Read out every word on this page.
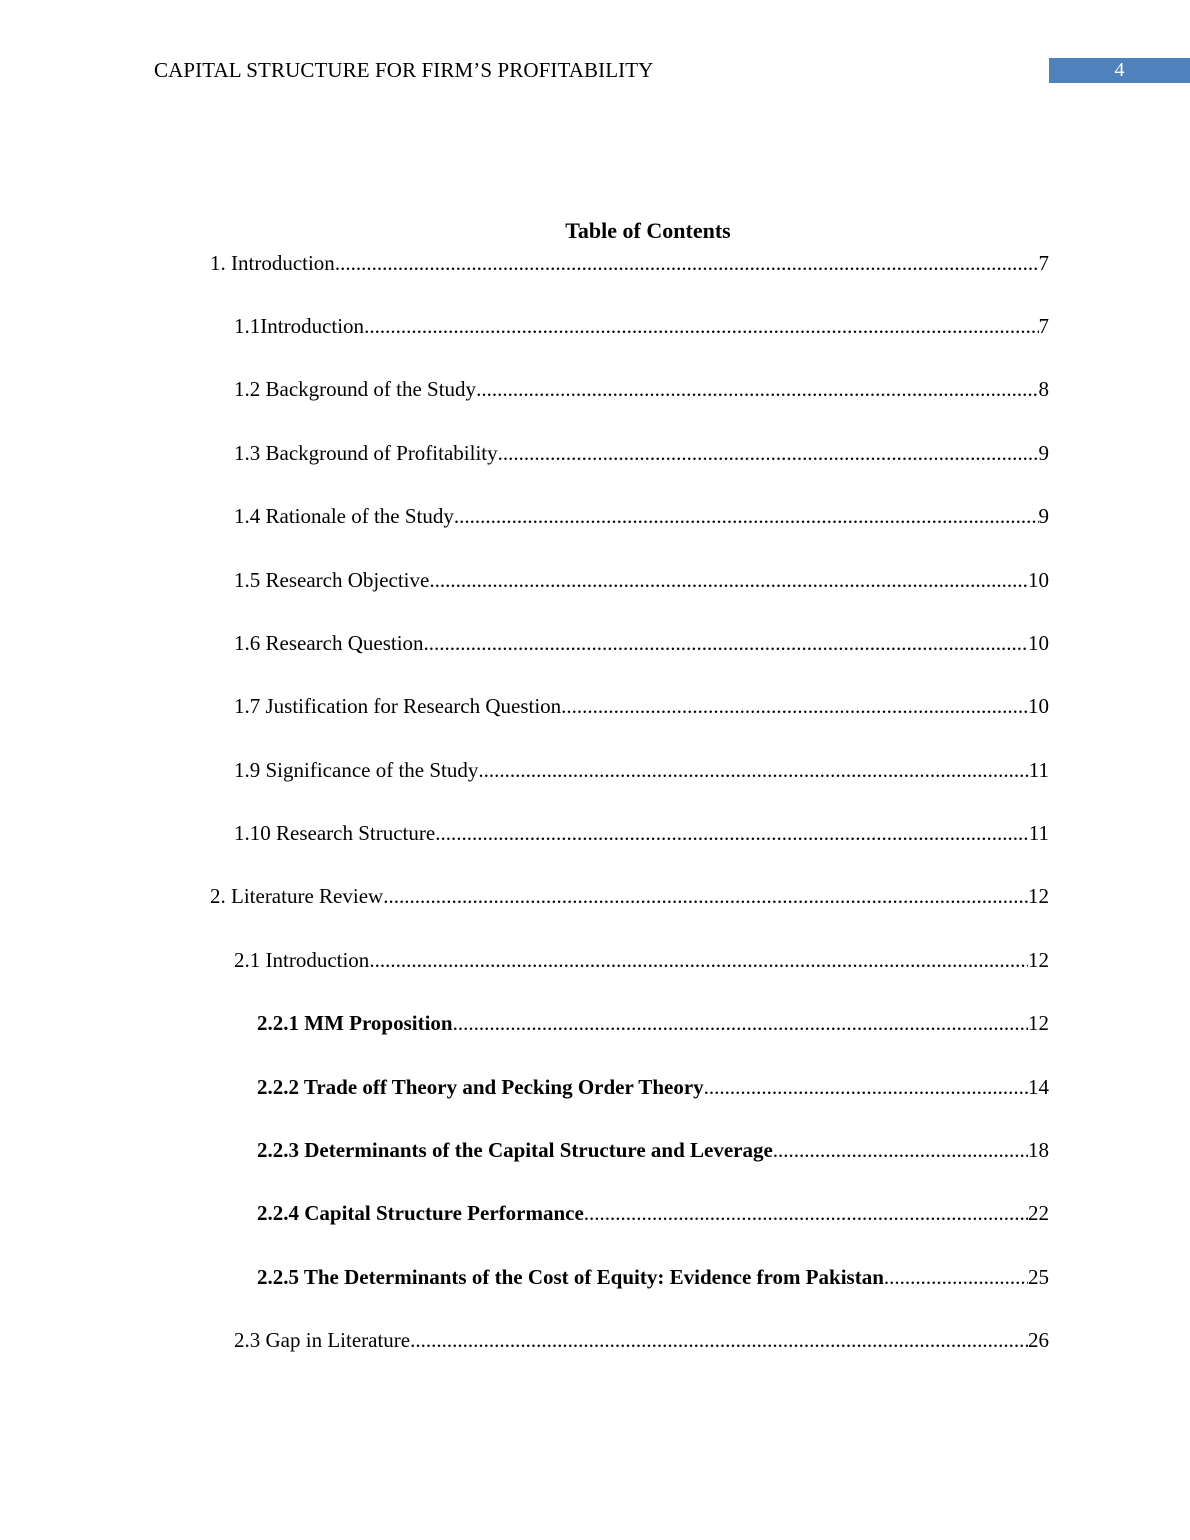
CAPITAL STRUCTURE FOR FIRM’S PROFITABILITY	4
Table of Contents
1. Introduction .....	7
1.1Introduction .....	7
1.2 Background of the Study .....	8
1.3 Background of Profitability .....	9
1.4 Rationale of the Study .....	9
1.5 Research Objective .....	10
1.6 Research Question .....	10
1.7 Justification for Research Question .....	10
1.9 Significance of the Study .....	11
1.10 Research Structure .....	11
2. Literature Review .....	12
2.1 Introduction .....	12
2.2.1 MM Proposition .....	12
2.2.2 Trade off Theory and Pecking Order Theory .....	14
2.2.3 Determinants of the Capital Structure and Leverage .....	18
2.2.4 Capital Structure Performance .....	22
2.2.5 The Determinants of the Cost of Equity: Evidence from Pakistan .....	25
2.3 Gap in Literature .....	26
